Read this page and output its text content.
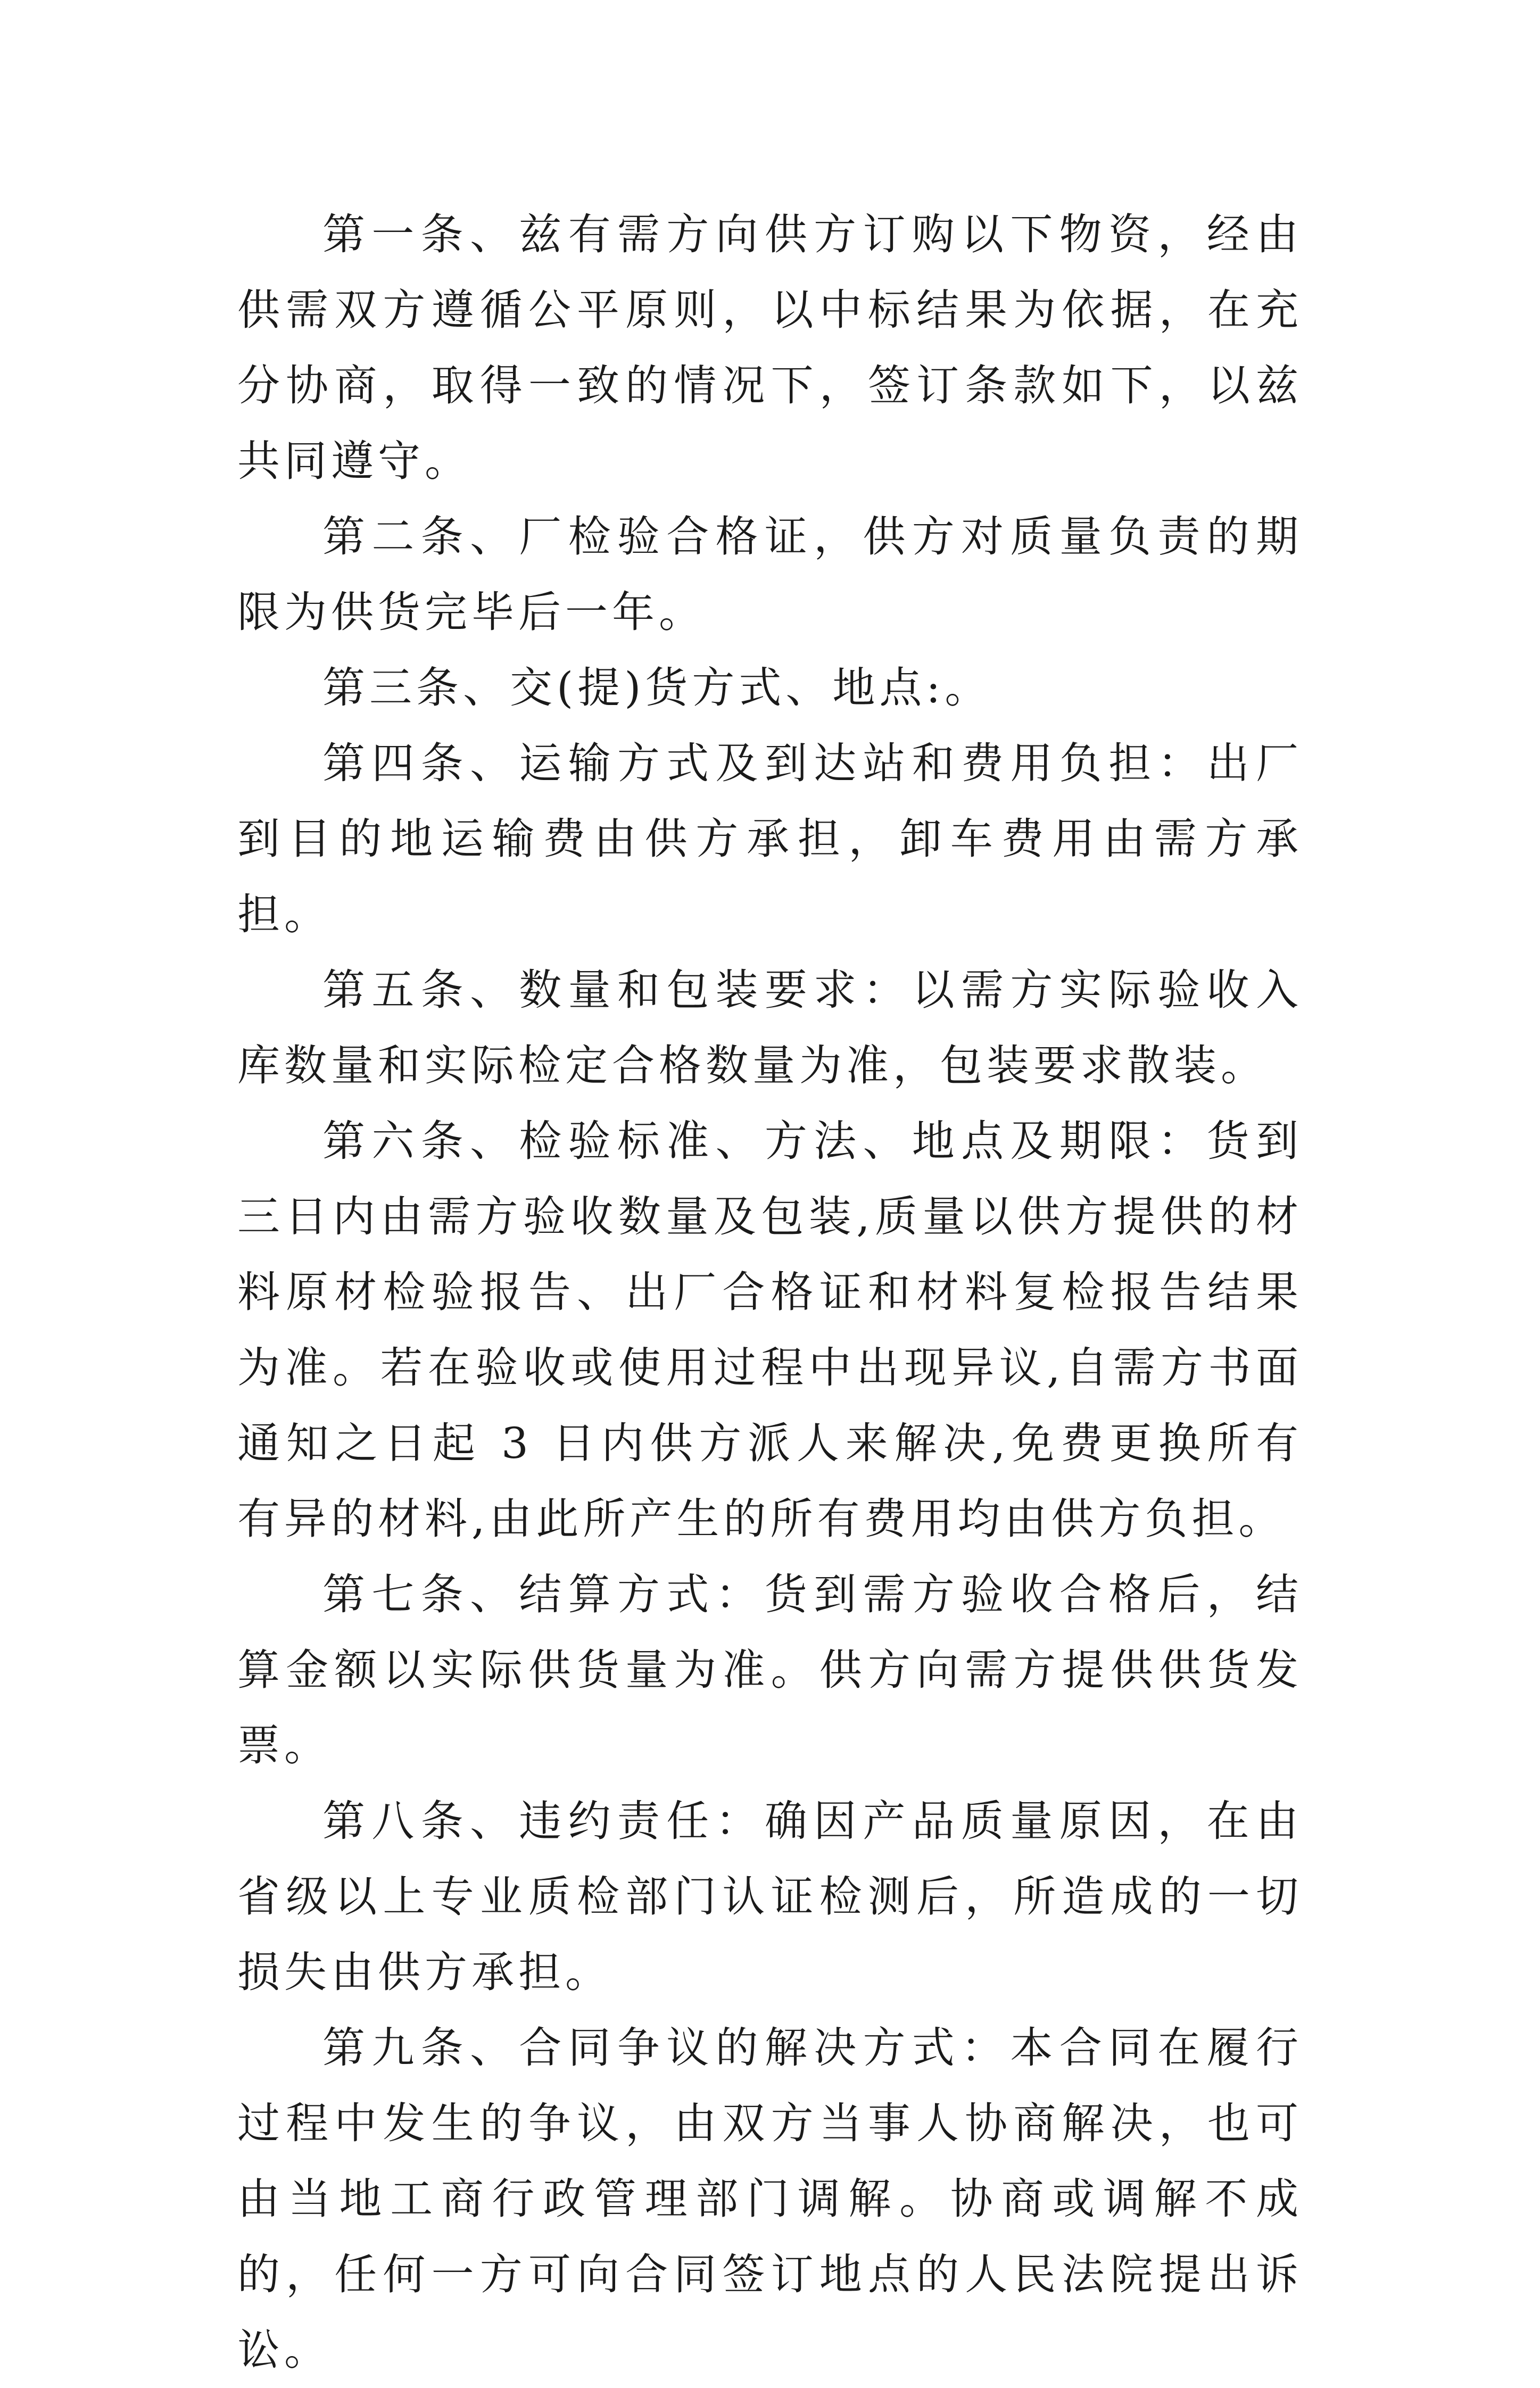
第一条、兹有需方向供方订购以下物资，经由供需双方遵循公平原则，以中标结果为依据，在充分协商，取得一致的情况下，签订条款如下，以兹共同遵守。

第二条、厂检验合格证，供方对质量负责的期限为供货完毕后一年。

第三条、交(提)货方式、地点:。

第四条、运输方式及到达站和费用负担：出厂到目的地运输费由供方承担，卸车费用由需方承担。

第五条、数量和包装要求：以需方实际验收入库数量和实际检定合格数量为准，包装要求散装。

第六条、检验标准、方法、地点及期限：货到三日内由需方验收数量及包装,质量以供方提供的材料原材检验报告、出厂合格证和材料复检报告结果为准。若在验收或使用过程中出现异议,自需方书面通知之日起 3 日内供方派人来解决,免费更换所有有异的材料,由此所产生的所有费用均由供方负担。

第七条、结算方式：货到需方验收合格后，结算金额以实际供货量为准。供方向需方提供供货发票。

第八条、违约责任：确因产品质量原因，在由省级以上专业质检部门认证检测后，所造成的一切损失由供方承担。

第九条、合同争议的解决方式：本合同在履行过程中发生的争议，由双方当事人协商解决，也可由当地工商行政管理部门调解。协商或调解不成的，任何一方可向合同签订地点的人民法院提出诉讼。
